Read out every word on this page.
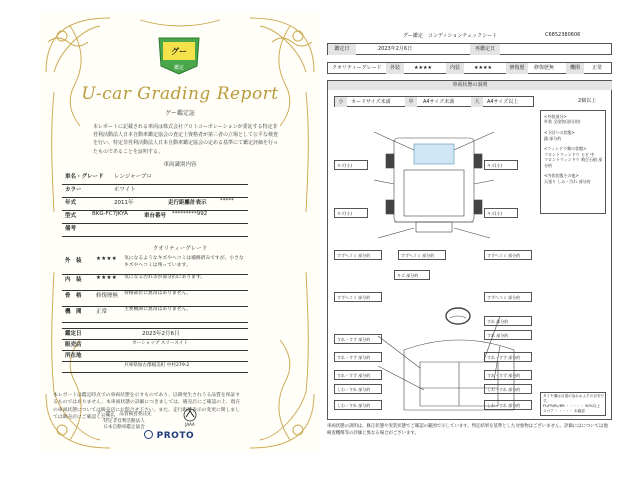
グー
鑑定
U-car Grading Report
グー鑑定証
本レポートに記載される車両は株式会社プロトコーポレーションが委託する特定非営利活動法人日本自動車鑑定協会の査定士資格者が第三者の立場として公平な検査を行い、特定非営利活動法人日本自動車鑑定協会の定める基準にて鑑定評価を行ったものであることを証明する。
車両識別内容
車名・グレード レンジャープロ
カラー	ホワイト
年式	2011年	走行距離計表示 *****
型式	BKG-FC7JKYA	車台番号 *********992
備考
クオリティーグレード
外　装	★★★★ 気になるようなキズやヘコミは補修済みですが、小さなキズやヘコミは残っています。
内　装	★★★★ 気になる汚れ等が部分的にあります。
骨　格	修復歴無 骨格部位に異常はありません。
機　関	正常	主要機関に異常はありません。
鑑定日	2023年2月6日
販売店	カーショップ スリースイト
所在地
兵庫県加古郡稲美町 中村279-2
本レポートは鑑定時点での車両状態を示すものであり、以降発生されうる品質を保証するものではありません。本車両状態の詳細につきましては、販売店にご確認の上、現在の車両状態については販売店にお問合せ下さい。また、走行距離表示の変更に関しましては販売店にご確認ください。
グー鑑定　品質検査委託先
特定非営利活動法人
日本自動車鑑定協会
JAAA
PROTO
グー鑑定　コンディションチェックシート	C6852380606
鑑定日	2023年2月6日	再鑑定日
クオリティーグレード	外装	★★★★	内装	★★★★	修復歴	修復歴無	機関	正常
車両状態の説明
小	カードサイズ未満	中	A4サイズ未満	大	A4サイズ以上	2個以上
キズ(小)
キズ(小)
キズ(小)
キズ(小)
すずヘコミ 部分的	すずヘコミ 部分的	すずヘコミ 部分的
キズ 部分的
すずヘコミ 部分的	すずヘコミ 部分的
すれ 部分的
すれ 部分的
すれ・すず 部分的
すれ・すず 部分的	すれ・すず 部分的
すれ・すず 部分的
すれ・すず 部分的
しわ・すれ 部分的
しわ・すれ 部分的
しわ・すれ 部分的
しわ・すれ 部分的
<外装部分>
外装 全塗装(部分的)

<下回りの状態>
錆 部分的

<ウィンドウ類の状態>
フロントウィンドウ ヒビ 中
フロントウィンドウ 飛び石痕 部分的

<内装状態その他>
天張り しみ・汚れ 部分的
タイヤ溝は目視の為おおよその目安です。
FL/FR/RL/RR ・・・・・ 50%以上
スペア ・・・・・ 未確認
車両状態の説明は、修正状態や実装状態でご確認の範囲で示しています。判定結果を基準とした対象物はございません。評価にはについては他検査機関等の評価と異なる場合がございます。
